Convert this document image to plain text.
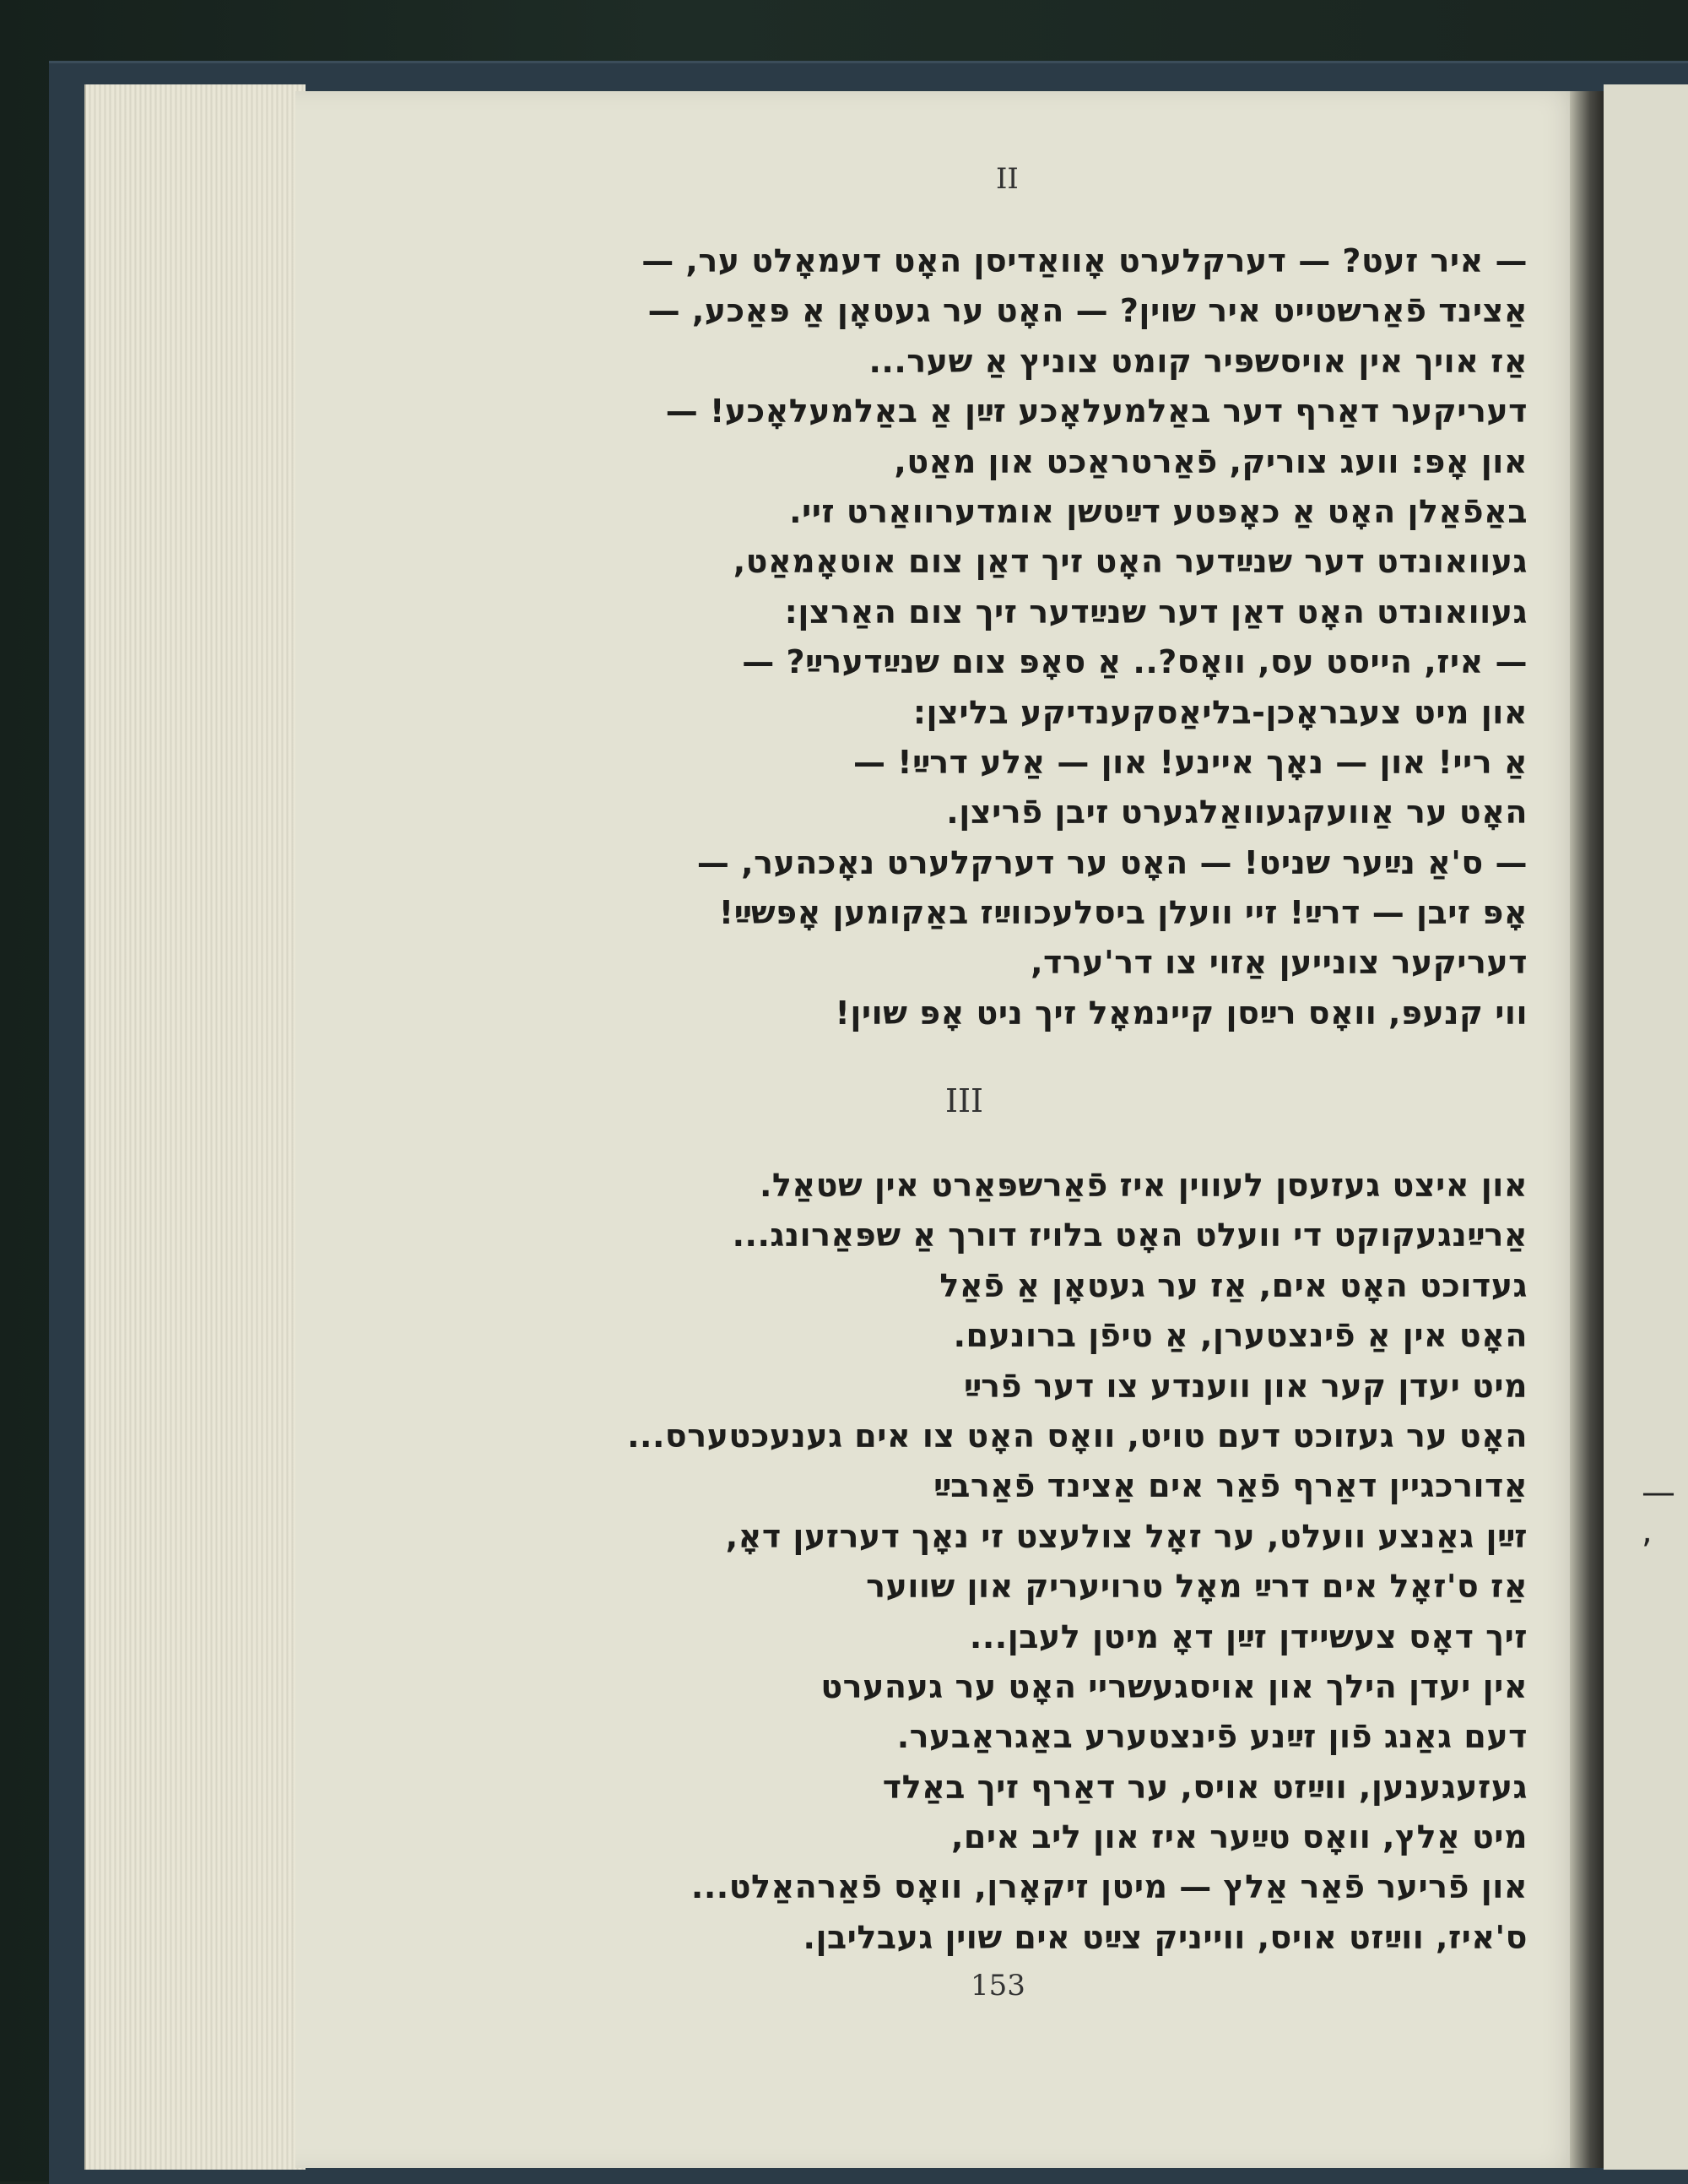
— ,
II
— איר זעט? — דערקלערט אָוואַדיסן האָט דעמאָלט ער, —
אַצינד פֿאַרשטייט איר שוין? — האָט ער געטאָן אַ פּאַכע, —
אַז אויך אין אויסשפּיר קומט צוניץ אַ שער...
דעריקער דאַרף דער באַלמעלאָכע זײַן אַ באַלמעלאָכע! —
און אָפּ: וועג צוריק, פֿאַרטראַכט און מאַט,
באַפֿאַלן האָט אַ כאָפּטע דײַטשן אומדערוואַרט זיי.
געוואונדט דער שנײַדער האָט זיך דאַן צום אוטאָמאַט,
געוואונדט האָט דאַן דער שנײַדער זיך צום האַרצן:
— איז, הייסט עס, וואָס?.. אַ סאָפּ צום שנײַדערײַ? —
און מיט צעבראָכן-בליאַסקענדיקע בליצן:
אַ ריי! און — נאָך איינע! און — אַלע דרײַ! —
האָט ער אַוועקגעוואַלגערט זיבן פֿריצן.
— ס'אַ נײַער שניט! — האָט ער דערקלערט נאָכהער, —
אָפּ זיבן — דרײַ! זיי וועלן ביסלעכווײַז באַקומען אָפּשײַ!
דעריקער צונייען אַזוי צו דר'ערד,
ווי קנעפּ, וואָס רײַסן קיינמאָל זיך ניט אָפּ שוין!
און איצט געזעסן לעווין איז פֿאַרשפּאַרט אין שטאַל.
אַרײַנגעקוקט די וועלט האָט בלויז דורך אַ שפּאַרונג...
געדוכט האָט אים, אַז ער געטאָן אַ פֿאַל
האָט אין אַ פֿינצטערן, אַ טיפֿן ברונעם.
מיט יעדן קער און ווענדע צו דער פֿרײַ
האָט ער געזוכט דעם טויט, וואָס האָט צו אים גענעכטערס...
אַדורכגיין דאַרף פֿאַר אים אַצינד פֿאַרבײַ
זײַן גאַנצע וועלט, ער זאָל צולעצט זי נאָך דערזען דאָ,
אַז ס'זאָל אים דרײַ מאָל טרויעריק און שווער
זיך דאָס צעשיידן זײַן דאָ מיטן לעבן...
אין יעדן הילך און אויסגעשריי האָט ער געהערט
דעם גאַנג פֿון זײַנע פֿינצטערע באַגראַבער.
געזעגענען, ווײַזט אויס, ער דאַרף זיך באַלד
מיט אַלץ, וואָס טײַער איז און ליב אים,
און פֿריער פֿאַר אַלץ — מיטן זיקאָרן, וואָס פֿאַרהאַלט...
ס'איז, ווײַזט אויס, ווייניק צײַט אים שוין געבליבן.
III
153
